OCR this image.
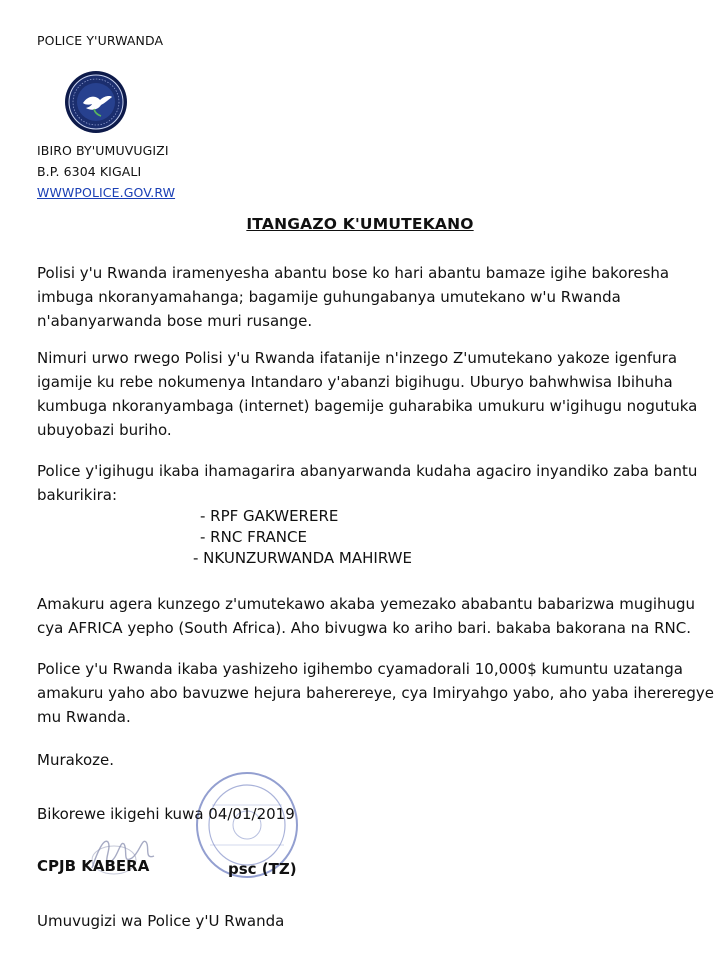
POLICE Y'URWANDA
IBIRO BY'UMUVUGIZI
B.P. 6304 KIGALI
WWWPOLICE.GOV.RW
ITANGAZO K'UMUTEKANO

Polisi y'u Rwanda iramenyesha abantu bose ko hari abantu bamaze igihe bakoresha
imbuga nkoranyamahanga; bagamije guhungabanya umutekano w'u Rwanda
n'abanyarwanda bose muri rusange.

Nimuri urwo rwego Polisi y'u Rwanda ifatanije n'inzego Z'umutekano yakoze igenfura
igamije ku rebe nokumenya Intandaro y'abanzi bigihugu. Uburyo bahwhwisa Ibihuha
kumbuga nkoranyambaga (internet) bagemije guharabika umukuru w'igihugu nogutuka
ubuyobazi buriho.

Police y'igihugu ikaba ihamagarira abanyarwanda kudaha agaciro inyandiko zaba bantu
bakurikira:

- RPF GAKWERERE
- RNC FRANCE
- NKUNZURWANDA MAHIRWE

Amakuru agera kunzego z'umutekawo akaba yemezako ababantu babarizwa mugihugu
cya AFRICA yepho (South Africa). Aho bivugwa ko ariho bari. bakaba bakorana na RNC.

Police y'u Rwanda ikaba yashizeho igihembo cyamadorali 10,000$ kumuntu uzatanga
amakuru yaho abo bavuzwe hejura baherereye, cya Imiryahgo yabo, aho yaba ihereregye
mu Rwanda.

Murakoze.
Bikorewe ikigehi kuwa 04/01/2019
CPJB KABERA	psc (TZ)
Umuvugizi wa Police y'U Rwanda
